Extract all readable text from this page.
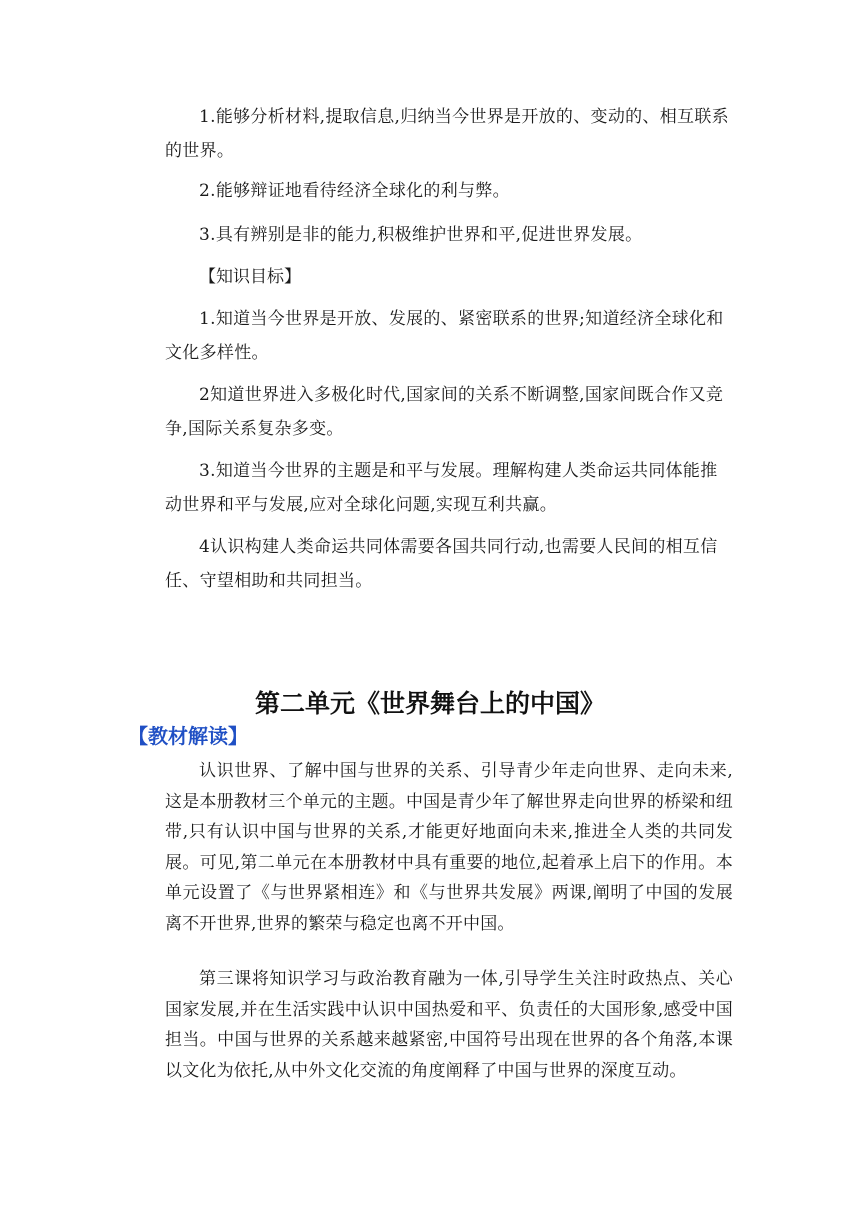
1.能够分析材料,提取信息,归纳当今世界是开放的、变动的、相互联系的世界。

2.能够辩证地看待经济全球化的利与弊。

3.具有辨别是非的能力,积极维护世界和平,促进世界发展。

【知识目标】

1.知道当今世界是开放、发展的、紧密联系的世界;知道经济全球化和文化多样性。

2知道世界进入多极化时代,国家间的关系不断调整,国家间既合作又竞争,国际关系复杂多变。

3.知道当今世界的主题是和平与发展。理解构建人类命运共同体能推动世界和平与发展,应对全球化问题,实现互利共赢。

4认识构建人类命运共同体需要各国共同行动,也需要人民间的相互信任、守望相助和共同担当。

第二单元《世界舞台上的中国》
【教材解读】

认识世界、了解中国与世界的关系、引导青少年走向世界、走向未来,这是本册教材三个单元的主题。中国是青少年了解世界走向世界的桥梁和纽带,只有认识中国与世界的关系,才能更好地面向未来,推进全人类的共同发展。可见,第二单元在本册教材中具有重要的地位,起着承上启下的作用。本单元设置了《与世界紧相连》和《与世界共发展》两课,阐明了中国的发展离不开世界,世界的繁荣与稳定也离不开中国。

第三课将知识学习与政治教育融为一体,引导学生关注时政热点、关心国家发展,并在生活实践中认识中国热爱和平、负责任的大国形象,感受中国担当。中国与世界的关系越来越紧密,中国符号出现在世界的各个角落,本课以文化为依托,从中外文化交流的角度阐释了中国与世界的深度互动。
